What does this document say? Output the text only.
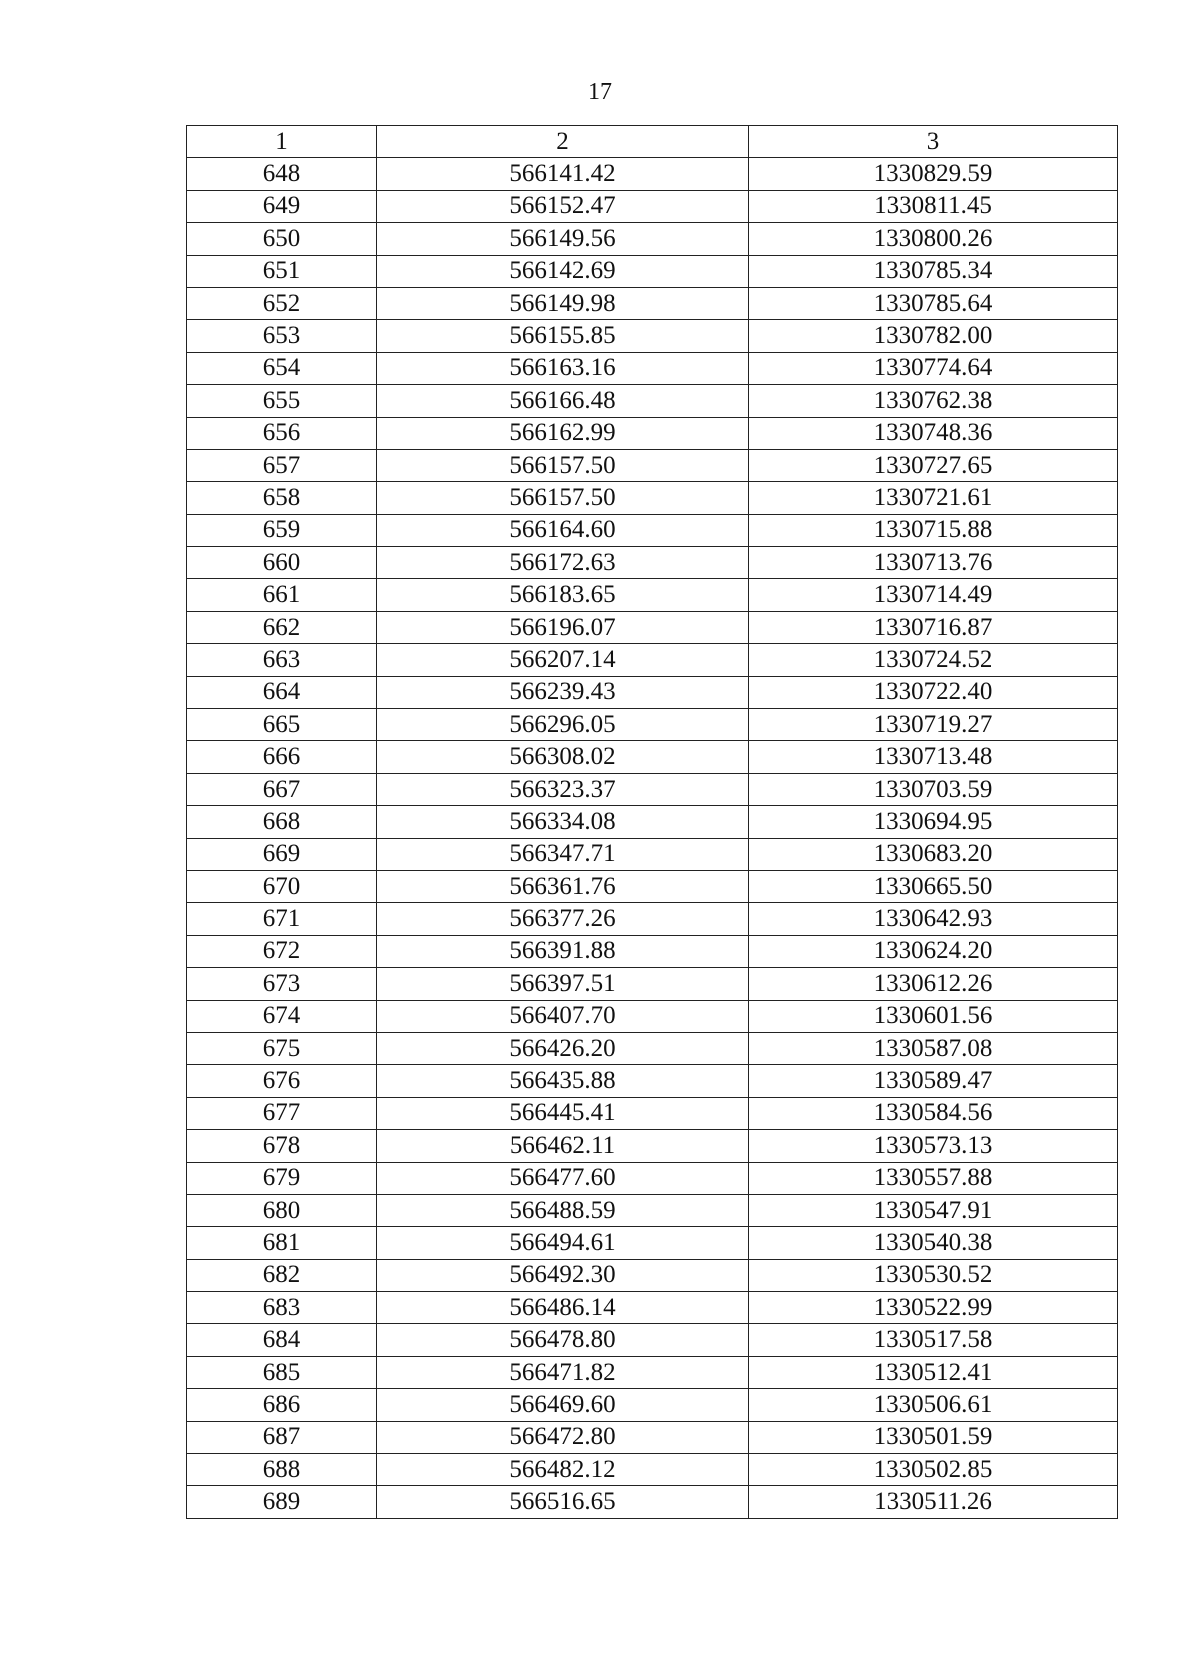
17
1	2	3
648	566141.42	1330829.59
649	566152.47	1330811.45
650	566149.56	1330800.26
651	566142.69	1330785.34
652	566149.98	1330785.64
653	566155.85	1330782.00
654	566163.16	1330774.64
655	566166.48	1330762.38
656	566162.99	1330748.36
657	566157.50	1330727.65
658	566157.50	1330721.61
659	566164.60	1330715.88
660	566172.63	1330713.76
661	566183.65	1330714.49
662	566196.07	1330716.87
663	566207.14	1330724.52
664	566239.43	1330722.40
665	566296.05	1330719.27
666	566308.02	1330713.48
667	566323.37	1330703.59
668	566334.08	1330694.95
669	566347.71	1330683.20
670	566361.76	1330665.50
671	566377.26	1330642.93
672	566391.88	1330624.20
673	566397.51	1330612.26
674	566407.70	1330601.56
675	566426.20	1330587.08
676	566435.88	1330589.47
677	566445.41	1330584.56
678	566462.11	1330573.13
679	566477.60	1330557.88
680	566488.59	1330547.91
681	566494.61	1330540.38
682	566492.30	1330530.52
683	566486.14	1330522.99
684	566478.80	1330517.58
685	566471.82	1330512.41
686	566469.60	1330506.61
687	566472.80	1330501.59
688	566482.12	1330502.85
689	566516.65	1330511.26
